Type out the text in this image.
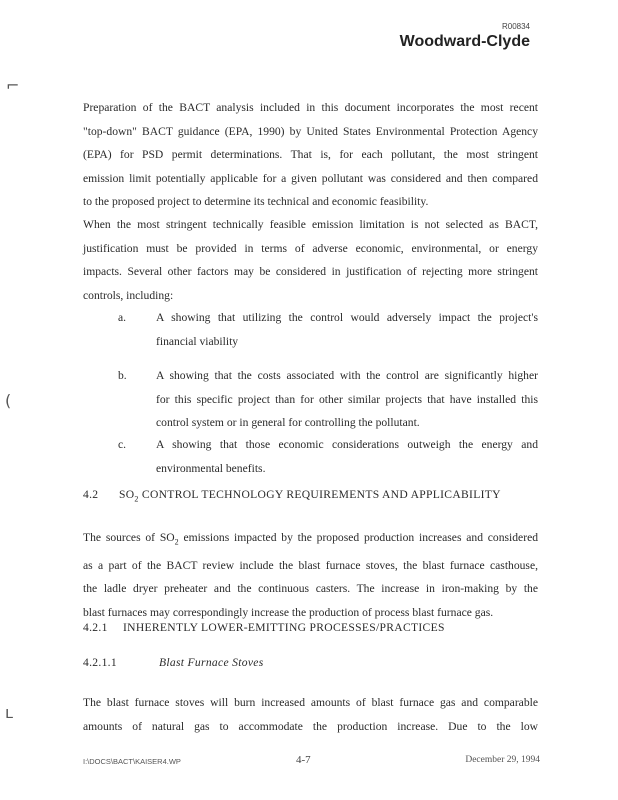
R00834
Woodward-Clyde
⌐
(
ʟ
Preparation of the BACT analysis included in this document incorporates the most recent
"top-down" BACT guidance (EPA, 1990) by United States Environmental Protection Agency
(EPA) for PSD permit determinations. That is, for each pollutant, the most stringent
emission limit potentially applicable for a given pollutant was considered and then compared
to the proposed project to determine its technical and economic feasibility.
When the most stringent technically feasible emission limitation is not selected as BACT,
justification must be provided in terms of adverse economic, environmental, or energy
impacts. Several other factors may be considered in justification of rejecting more stringent
controls, including:
a.	A showing that utilizing the control would adversely impact the project's
financial viability
b.	A showing that the costs associated with the control are significantly higher
for this specific project than for other similar projects that have installed this
control system or in general for controlling the pollutant.
c.	A showing that those economic considerations outweigh the energy and
environmental benefits.
4.2 $SO_2$ CONTROL TECHNOLOGY REQUIREMENTS AND APPLICABILITY
The sources of $SO_2$ emissions impacted by the proposed production increases and considered
as a part of the BACT review include the blast furnace stoves, the blast furnace casthouse,
the ladle dryer preheater and the continuous casters. The increase in iron-making by the
blast furnaces may correspondingly increase the production of process blast furnace gas.
4.2.1 INHERENTLY LOWER-EMITTING PROCESSES/PRACTICES
4.2.1.1	Blast Furnace Stoves
The blast furnace stoves will burn increased amounts of blast furnace gas and comparable
amounts of natural gas to accommodate the production increase. Due to the low
I:\DOCS\BACT\KAISER4.WP	4-7	December 29, 1994
